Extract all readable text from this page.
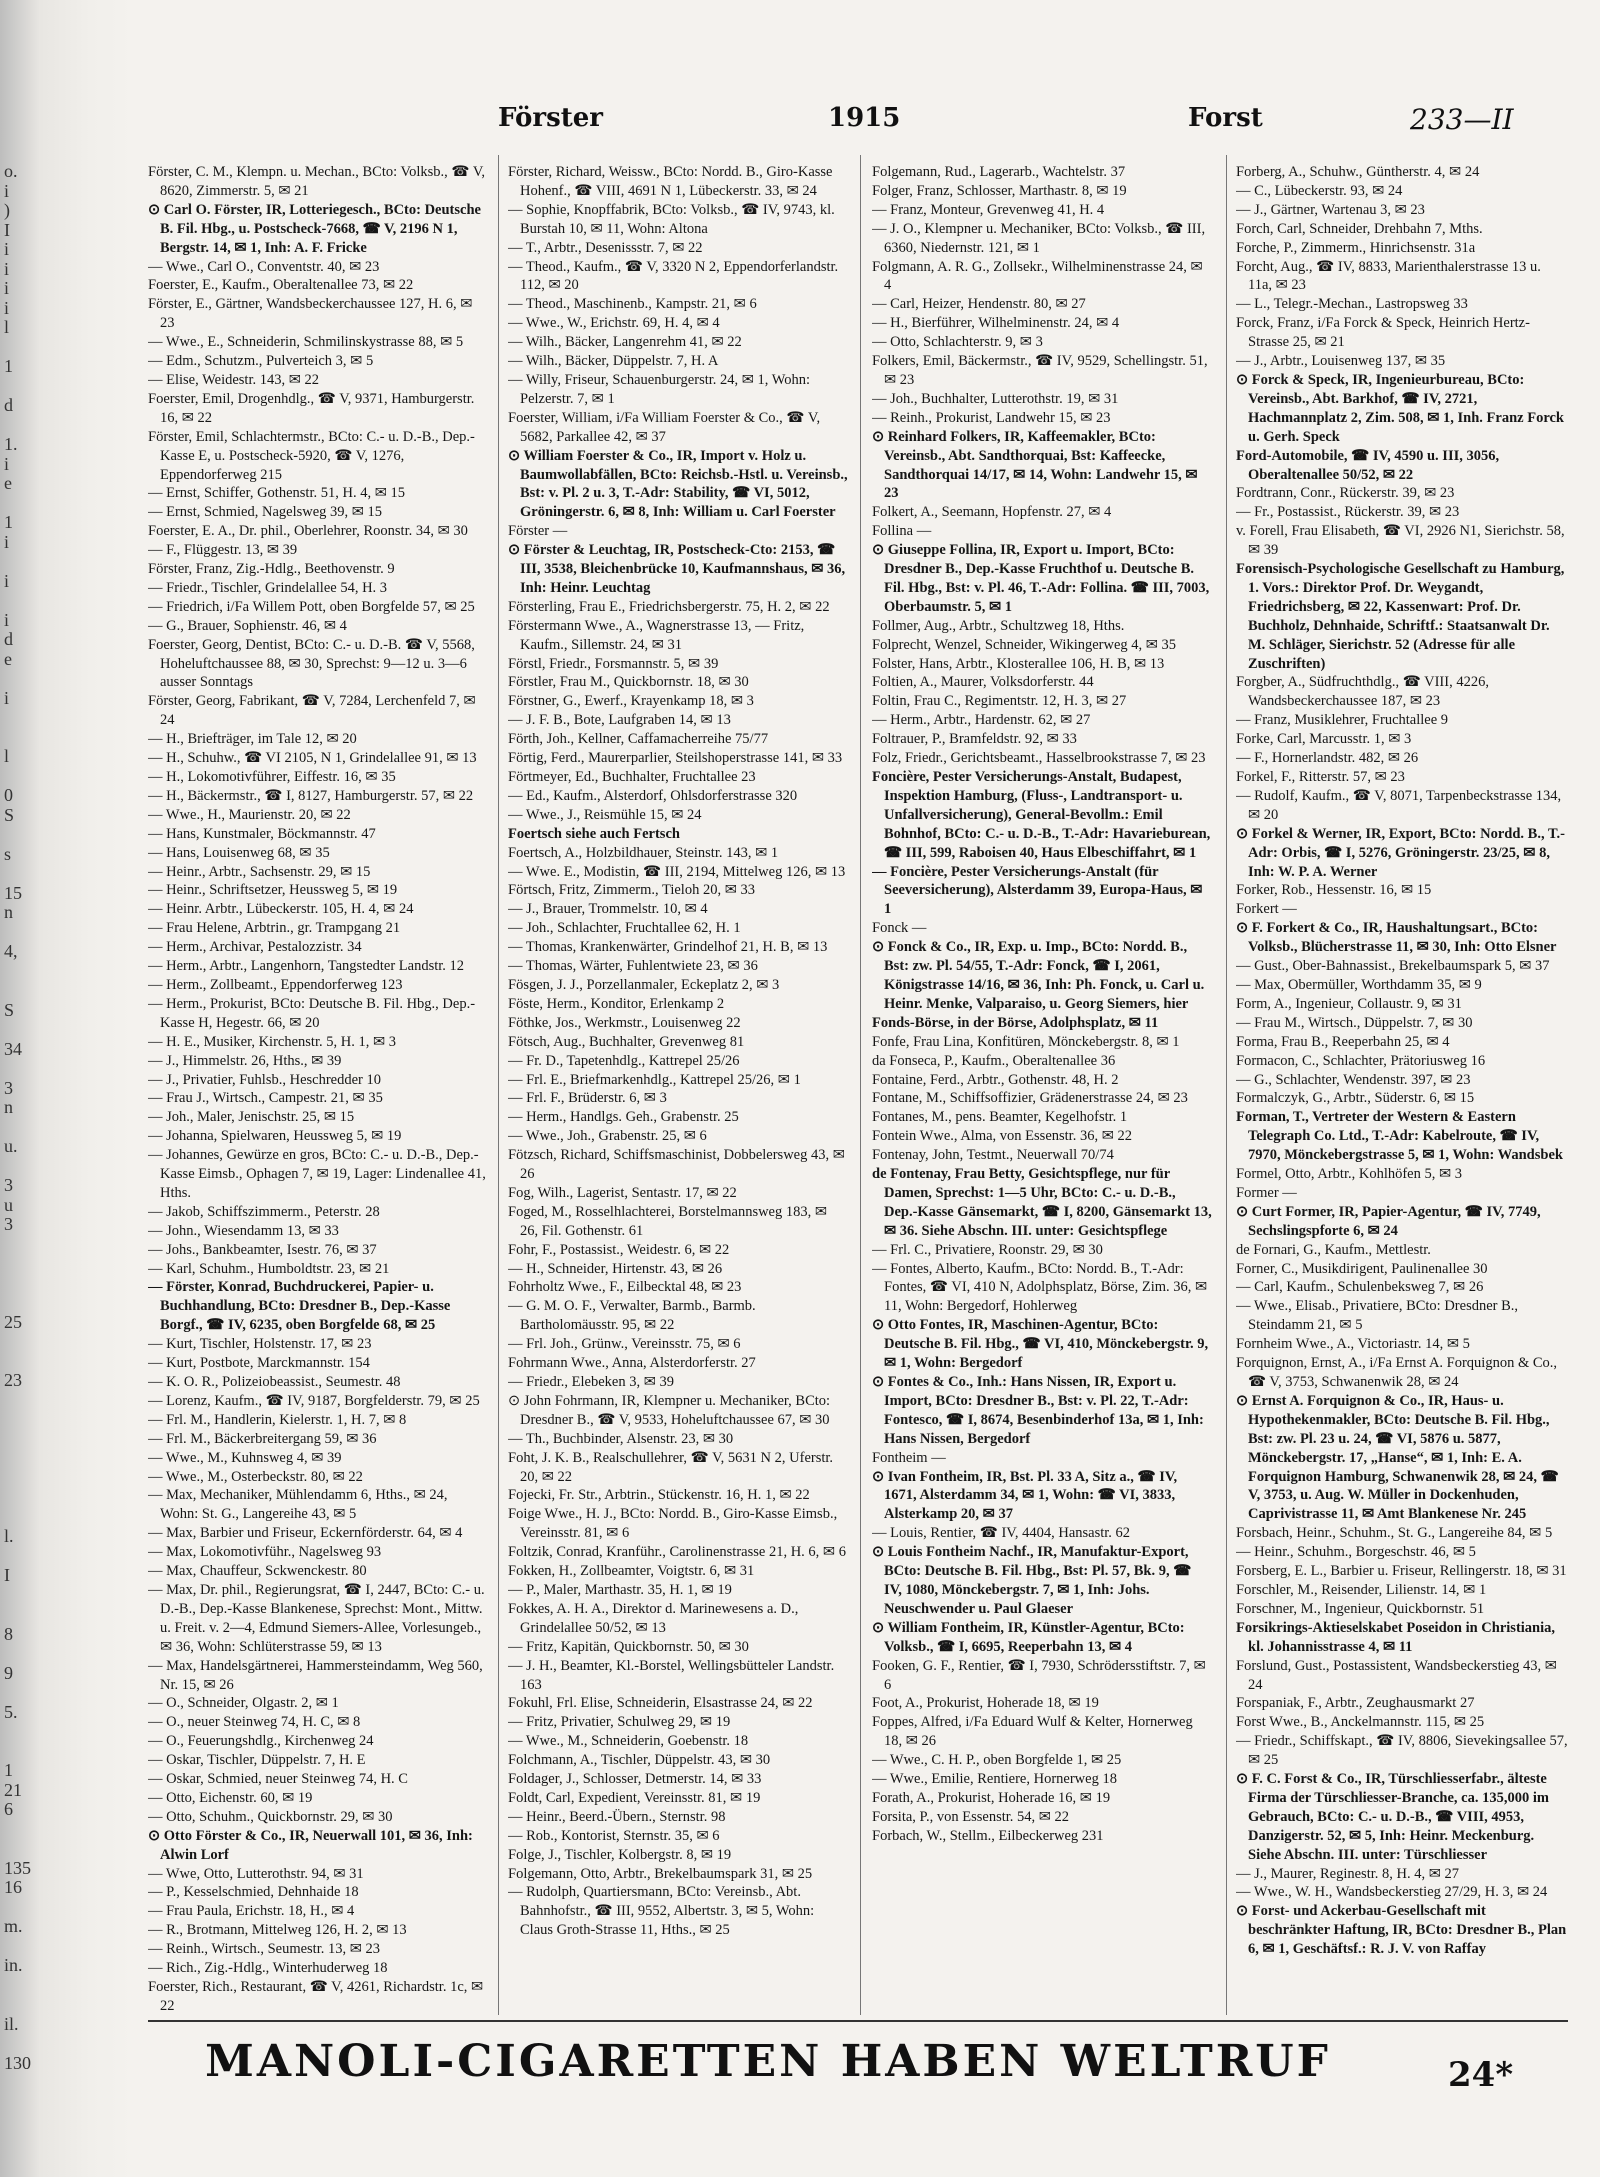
o.
i
)
I
i
i
i
i
l
1
d
1.
i
e
1
i
i
i
d
e
i
l
0
S
s
15
n
4,
S
34
3
n
u.
3
u
3
25
23
l.
I
8
9
5.
1
21
6
135
16
m.
in.
il.
130
Förster	1915	Forst	233—II

Förster, C. M., Klempn. u. Mechan., BCto: Volksb., ☎ V, 8620, Zimmerstr. 5, ✉ 21

⊙ Carl O. Förster, IR, Lotteriegesch., BCto: Deutsche B. Fil. Hbg., u. Postscheck-7668, ☎ V, 2196 N 1, Bergstr. 14, ✉ 1, Inh: A. F. Fricke

— Wwe., Carl O., Conventstr. 40, ✉ 23

Foerster, E., Kaufm., Oberaltenallee 73, ✉ 22

Förster, E., Gärtner, Wandsbeckerchaussee 127, H. 6, ✉ 23

— Wwe., E., Schneiderin, Schmilinskystrasse 88, ✉ 5

— Edm., Schutzm., Pulverteich 3, ✉ 5

— Elise, Weidestr. 143, ✉ 22

Foerster, Emil, Drogenhdlg., ☎ V, 9371, Hamburgerstr. 16, ✉ 22

Förster, Emil, Schlachtermstr., BCto: C.- u. D.-B., Dep.-Kasse E, u. Postscheck-5920, ☎ V, 1276, Eppendorferweg 215

— Ernst, Schiffer, Gothenstr. 51, H. 4, ✉ 15

— Ernst, Schmied, Nagelsweg 39, ✉ 15

Foerster, E. A., Dr. phil., Oberlehrer, Roonstr. 34, ✉ 30

— F., Flüggestr. 13, ✉ 39

Förster, Franz, Zig.-Hdlg., Beethovenstr. 9

— Friedr., Tischler, Grindelallee 54, H. 3

— Friedrich, i/Fa Willem Pott, oben Borgfelde 57, ✉ 25

— G., Brauer, Sophienstr. 46, ✉ 4

Foerster, Georg, Dentist, BCto: C.- u. D.-B. ☎ V, 5568, Hoheluftchaussee 88, ✉ 30, Sprechst: 9—12 u. 3—6 ausser Sonntags

Förster, Georg, Fabrikant, ☎ V, 7284, Lerchenfeld 7, ✉ 24

— H., Briefträger, im Tale 12, ✉ 20

— H., Schuhw., ☎ VI 2105, N 1, Grindelallee 91, ✉ 13

— H., Lokomotivführer, Eiffestr. 16, ✉ 35

— H., Bäckermstr., ☎ I, 8127, Hamburgerstr. 57, ✉ 22

— Wwe., H., Maurienstr. 20, ✉ 22

— Hans, Kunstmaler, Böckmannstr. 47

— Hans, Louisenweg 68, ✉ 35

— Heinr., Arbtr., Sachsenstr. 29, ✉ 15

— Heinr., Schriftsetzer, Heussweg 5, ✉ 19

— Heinr. Arbtr., Lübeckerstr. 105, H. 4, ✉ 24

— Frau Helene, Arbtrin., gr. Trampgang 21

— Herm., Archivar, Pestalozzistr. 34

— Herm., Arbtr., Langenhorn, Tangstedter Landstr. 12

— Herm., Zollbeamt., Eppendorferweg 123

— Herm., Prokurist, BCto: Deutsche B. Fil. Hbg., Dep.-Kasse H, Hegestr. 66, ✉ 20

— H. E., Musiker, Kirchenstr. 5, H. 1, ✉ 3

— J., Himmelstr. 26, Hths., ✉ 39

— J., Privatier, Fuhlsb., Heschredder 10

— Frau J., Wirtsch., Campestr. 21, ✉ 35

— Joh., Maler, Jenischstr. 25, ✉ 15

— Johanna, Spielwaren, Heussweg 5, ✉ 19

— Johannes, Gewürze en gros, BCto: C.- u. D.-B., Dep.-Kasse Eimsb., Ophagen 7, ✉ 19, Lager: Lindenallee 41, Hths.

— Jakob, Schiffszimmerm., Peterstr. 28

— John., Wiesendamm 13, ✉ 33

— Johs., Bankbeamter, Isestr. 76, ✉ 37

— Karl, Schuhm., Humboldtstr. 23, ✉ 21

— Förster, Konrad, Buchdruckerei, Papier- u. Buchhandlung, BCto: Dresdner B., Dep.-Kasse Borgf., ☎ IV, 6235, oben Borgfelde 68, ✉ 25

— Kurt, Tischler, Holstenstr. 17, ✉ 23

— Kurt, Postbote, Marckmannstr. 154

— K. O. R., Polizeiobeassist., Seumestr. 48

— Lorenz, Kaufm., ☎ IV, 9187, Borgfelderstr. 79, ✉ 25

— Frl. M., Handlerin, Kielerstr. 1, H. 7, ✉ 8

— Frl. M., Bäckerbreitergang 59, ✉ 36

— Wwe., M., Kuhnsweg 4, ✉ 39

— Wwe., M., Osterbeckstr. 80, ✉ 22

— Max, Mechaniker, Mühlendamm 6, Hths., ✉ 24, Wohn: St. G., Langereihe 43, ✉ 5

— Max, Barbier und Friseur, Eckernförderstr. 64, ✉ 4

— Max, Lokomotivführ., Nagelsweg 93

— Max, Chauffeur, Sckwenckestr. 80

— Max, Dr. phil., Regierungsrat, ☎ I, 2447, BCto: C.- u. D.-B., Dep.-Kasse Blankenese, Sprechst: Mont., Mittw. u. Freit. v. 2—4, Edmund Siemers-Allee, Vorlesungeb., ✉ 36, Wohn: Schlüterstrasse 59, ✉ 13

— Max, Handelsgärtnerei, Hammersteindamm, Weg 560, Nr. 15, ✉ 26

— O., Schneider, Olgastr. 2, ✉ 1

— O., neuer Steinweg 74, H. C, ✉ 8

— O., Feuerungshdlg., Kirchenweg 24

— Oskar, Tischler, Düppelstr. 7, H. E

— Oskar, Schmied, neuer Steinweg 74, H. C

— Otto, Eichenstr. 60, ✉ 19

— Otto, Schuhm., Quickbornstr. 29, ✉ 30

⊙ Otto Förster & Co., IR, Neuerwall 101, ✉ 36, Inh: Alwin Lorf

— Wwe, Otto, Lutterothstr. 94, ✉ 31

— P., Kesselschmied, Dehnhaide 18

— Frau Paula, Erichstr. 18, H., ✉ 4

— R., Brotmann, Mittelweg 126, H. 2, ✉ 13

— Reinh., Wirtsch., Seumestr. 13, ✉ 23

— Rich., Zig.-Hdlg., Winterhuderweg 18

Foerster, Rich., Restaurant, ☎ V, 4261, Richardstr. 1c, ✉ 22

Förster, Richard, Weissw., BCto: Nordd. B., Giro-Kasse Hohenf., ☎ VIII, 4691 N 1, Lübeckerstr. 33, ✉ 24

— Sophie, Knopffabrik, BCto: Volksb., ☎ IV, 9743, kl. Burstah 10, ✉ 11, Wohn: Altona

— T., Arbtr., Desenissstr. 7, ✉ 22

— Theod., Kaufm., ☎ V, 3320 N 2, Eppendorferlandstr. 112, ✉ 20

— Theod., Maschinenb., Kampstr. 21, ✉ 6

— Wwe., W., Erichstr. 69, H. 4, ✉ 4

— Wilh., Bäcker, Langenrehm 41, ✉ 22

— Wilh., Bäcker, Düppelstr. 7, H. A

— Willy, Friseur, Schauenburgerstr. 24, ✉ 1, Wohn: Pelzerstr. 7, ✉ 1

Foerster, William, i/Fa William Foerster & Co., ☎ V, 5682, Parkallee 42, ✉ 37

⊙ William Foerster & Co., IR, Import v. Holz u. Baumwollabfällen, BCto: Reichsb.-Hstl. u. Vereinsb., Bst: v. Pl. 2 u. 3, T.-Adr: Stability, ☎ VI, 5012, Gröningerstr. 6, ✉ 8, Inh: William u. Carl Foerster

Förster —

⊙ Förster & Leuchtag, IR, Postscheck-Cto: 2153, ☎ III, 3538, Bleichenbrücke 10, Kaufmannshaus, ✉ 36, Inh: Heinr. Leuchtag

Försterling, Frau E., Friedrichsbergerstr. 75, H. 2, ✉ 22

Förstermann Wwe., A., Wagnerstrasse 13, — Fritz, Kaufm., Sillemstr. 24, ✉ 31

Förstl, Friedr., Forsmannstr. 5, ✉ 39

Förstler, Frau M., Quickbornstr. 18, ✉ 30

Förstner, G., Ewerf., Krayenkamp 18, ✉ 3

— J. F. B., Bote, Laufgraben 14, ✉ 13

Förth, Joh., Kellner, Caffamacherreihe 75/77

Förtig, Ferd., Maurerparlier, Steilshoperstrasse 141, ✉ 33

Förtmeyer, Ed., Buchhalter, Fruchtallee 23

— Ed., Kaufm., Alsterdorf, Ohlsdorferstrasse 320

— Wwe., J., Reismühle 15, ✉ 24

Foertsch siehe auch Fertsch

Foertsch, A., Holzbildhauer, Steinstr. 143, ✉ 1

— Wwe. E., Modistin, ☎ III, 2194, Mittelweg 126, ✉ 13

Förtsch, Fritz, Zimmerm., Tieloh 20, ✉ 33

— J., Brauer, Trommelstr. 10, ✉ 4

— Joh., Schlachter, Fruchtallee 62, H. 1

— Thomas, Krankenwärter, Grindelhof 21, H. B, ✉ 13

— Thomas, Wärter, Fuhlentwiete 23, ✉ 36

Fösgen, J. J., Porzellanmaler, Eckeplatz 2, ✉ 3

Föste, Herm., Konditor, Erlenkamp 2

Föthke, Jos., Werkmstr., Louisenweg 22

Fötsch, Aug., Buchhalter, Grevenweg 81

— Fr. D., Tapetenhdlg., Kattrepel 25/26

— Frl. E., Briefmarkenhdlg., Kattrepel 25/26, ✉ 1

— Frl. F., Brüderstr. 6, ✉ 3

— Herm., Handlgs. Geh., Grabenstr. 25

— Wwe., Joh., Grabenstr. 25, ✉ 6

Fötzsch, Richard, Schiffsmaschinist, Dobbelersweg 43, ✉ 26

Fog, Wilh., Lagerist, Sentastr. 17, ✉ 22

Foged, M., Rosselhlachterei, Borstelmannsweg 183, ✉ 26, Fil. Gothenstr. 61

Fohr, F., Postassist., Weidestr. 6, ✉ 22

— H., Schneider, Hirtenstr. 43, ✉ 26

Fohrholtz Wwe., F., Eilbecktal 48, ✉ 23

— G. M. O. F., Verwalter, Barmb., Barmb. Bartholomäusstr. 95, ✉ 22

— Frl. Joh., Grünw., Vereinsstr. 75, ✉ 6

Fohrmann Wwe., Anna, Alsterdorferstr. 27

— Friedr., Elebeken 3, ✉ 39

⊙ John Fohrmann, IR, Klempner u. Mechaniker, BCto: Dresdner B., ☎ V, 9533, Hoheluftchaussee 67, ✉ 30

— Th., Buchbinder, Alsenstr. 23, ✉ 30

Foht, J. K. B., Realschullehrer, ☎ V, 5631 N 2, Uferstr. 20, ✉ 22

Fojecki, Fr. Str., Arbtrin., Stückenstr. 16, H. 1, ✉ 22

Foige Wwe., H. J., BCto: Nordd. B., Giro-Kasse Eimsb., Vereinsstr. 81, ✉ 6

Foltzik, Conrad, Kranführ., Carolinenstrasse 21, H. 6, ✉ 6

Fokken, H., Zollbeamter, Voigtstr. 6, ✉ 31

— P., Maler, Marthastr. 35, H. 1, ✉ 19

Fokkes, A. H. A., Direktor d. Marinewesens a. D., Grindelallee 50/52, ✉ 13

— Fritz, Kapitän, Quickbornstr. 50, ✉ 30

— J. H., Beamter, Kl.-Borstel, Wellingsbütteler Landstr. 163

Fokuhl, Frl. Elise, Schneiderin, Elsastrasse 24, ✉ 22

— Fritz, Privatier, Schulweg 29, ✉ 19

— Wwe., M., Schneiderin, Goebenstr. 18

Folchmann, A., Tischler, Düppelstr. 43, ✉ 30

Foldager, J., Schlosser, Detmerstr. 14, ✉ 33

Foldt, Carl, Expedient, Vereinsstr. 81, ✉ 19

— Heinr., Beerd.-Übern., Sternstr. 98

— Rob., Kontorist, Sternstr. 35, ✉ 6

Folge, J., Tischler, Kolbergstr. 8, ✉ 19

Folgemann, Otto, Arbtr., Brekelbaumspark 31, ✉ 25

— Rudolph, Quartiersmann, BCto: Vereinsb., Abt. Bahnhofstr., ☎ III, 9552, Albertstr. 3, ✉ 5, Wohn: Claus Groth-Strasse 11, Hths., ✉ 25

Folgemann, Rud., Lagerarb., Wachtelstr. 37

Folger, Franz, Schlosser, Marthastr. 8, ✉ 19

— Franz, Monteur, Grevenweg 41, H. 4

— J. O., Klempner u. Mechaniker, BCto: Volksb., ☎ III, 6360, Niedernstr. 121, ✉ 1

Folgmann, A. R. G., Zollsekr., Wilhelminenstrasse 24, ✉ 4

— Carl, Heizer, Hendenstr. 80, ✉ 27

— H., Bierführer, Wilhelminenstr. 24, ✉ 4

— Otto, Schlachterstr. 9, ✉ 3

Folkers, Emil, Bäckermstr., ☎ IV, 9529, Schellingstr. 51, ✉ 23

— Joh., Buchhalter, Lutterothstr. 19, ✉ 31

— Reinh., Prokurist, Landwehr 15, ✉ 23

⊙ Reinhard Folkers, IR, Kaffeemakler, BCto: Vereinsb., Abt. Sandthorquai, Bst: Kaffeecke, Sandthorquai 14/17, ✉ 14, Wohn: Landwehr 15, ✉ 23

Folkert, A., Seemann, Hopfenstr. 27, ✉ 4

Follina —

⊙ Giuseppe Follina, IR, Export u. Import, BCto: Dresdner B., Dep.-Kasse Fruchthof u. Deutsche B. Fil. Hbg., Bst: v. Pl. 46, T.-Adr: Follina. ☎ III, 7003, Oberbaumstr. 5, ✉ 1

Follmer, Aug., Arbtr., Schultzweg 18, Hths.

Folprecht, Wenzel, Schneider, Wikingerweg 4, ✉ 35

Folster, Hans, Arbtr., Klosterallee 106, H. B, ✉ 13

Foltien, A., Maurer, Volksdorferstr. 44

Foltin, Frau C., Regimentstr. 12, H. 3, ✉ 27

— Herm., Arbtr., Hardenstr. 62, ✉ 27

Foltrauer, P., Bramfeldstr. 92, ✉ 33

Folz, Friedr., Gerichtsbeamt., Hasselbrookstrasse 7, ✉ 23

Foncière, Pester Versicherungs-Anstalt, Budapest, Inspektion Hamburg, (Fluss-, Landtransport- u. Unfallversicherung), General-Bevollm.: Emil Bohnhof, BCto: C.- u. D.-B., T.-Adr: Havarieburean, ☎ III, 599, Raboisen 40, Haus Elbeschiffahrt, ✉ 1

— Foncière, Pester Versicherungs-Anstalt (für Seeversicherung), Alsterdamm 39, Europa-Haus, ✉ 1

Fonck —

⊙ Fonck & Co., IR, Exp. u. Imp., BCto: Nordd. B., Bst: zw. Pl. 54/55, T.-Adr: Fonck, ☎ I, 2061, Königstrasse 14/16, ✉ 36, Inh: Ph. Fonck, u. Carl u. Heinr. Menke, Valparaiso, u. Georg Siemers, hier

Fonds-Börse, in der Börse, Adolphsplatz, ✉ 11

Fonfe, Frau Lina, Konfitüren, Mönckebergstr. 8, ✉ 1

da Fonseca, P., Kaufm., Oberaltenallee 36

Fontaine, Ferd., Arbtr., Gothenstr. 48, H. 2

Fontane, M., Schiffsoffizier, Grädenerstrasse 24, ✉ 23

Fontanes, M., pens. Beamter, Kegelhofstr. 1

Fontein Wwe., Alma, von Essenstr. 36, ✉ 22

Fontenay, John, Testmt., Neuerwall 70/74

de Fontenay, Frau Betty, Gesichtspflege, nur für Damen, Sprechst: 1—5 Uhr, BCto: C.- u. D.-B., Dep.-Kasse Gänsemarkt, ☎ I, 8200, Gänsemarkt 13, ✉ 36. Siehe Abschn. III. unter: Gesichtspflege

— Frl. C., Privatiere, Roonstr. 29, ✉ 30

— Fontes, Alberto, Kaufm., BCto: Nordd. B., T.-Adr: Fontes, ☎ VI, 410 N, Adolphsplatz, Börse, Zim. 36, ✉ 11, Wohn: Bergedorf, Hohlerweg

⊙ Otto Fontes, IR, Maschinen-Agentur, BCto: Deutsche B. Fil. Hbg., ☎ VI, 410, Mönckebergstr. 9, ✉ 1, Wohn: Bergedorf

⊙ Fontes & Co., Inh.: Hans Nissen, IR, Export u. Import, BCto: Dresdner B., Bst: v. Pl. 22, T.-Adr: Fontesco, ☎ I, 8674, Besenbinderhof 13a, ✉ 1, Inh: Hans Nissen, Bergedorf

Fontheim —

⊙ Ivan Fontheim, IR, Bst. Pl. 33 A, Sitz a., ☎ IV, 1671, Alsterdamm 34, ✉ 1, Wohn: ☎ VI, 3833, Alsterkamp 20, ✉ 37

— Louis, Rentier, ☎ IV, 4404, Hansastr. 62

⊙ Louis Fontheim Nachf., IR, Manufaktur-Export, BCto: Deutsche B. Fil. Hbg., Bst: Pl. 57, Bk. 9, ☎ IV, 1080, Mönckebergstr. 7, ✉ 1, Inh: Johs. Neuschwender u. Paul Glaeser

⊙ William Fontheim, IR, Künstler-Agentur, BCto: Volksb., ☎ I, 6695, Reeperbahn 13, ✉ 4

Fooken, G. F., Rentier, ☎ I, 7930, Schrödersstiftstr. 7, ✉ 6

Foot, A., Prokurist, Hoherade 18, ✉ 19

Foppes, Alfred, i/Fa Eduard Wulf & Kelter, Hornerweg 18, ✉ 26

— Wwe., C. H. P., oben Borgfelde 1, ✉ 25

— Wwe., Emilie, Rentiere, Hornerweg 18

Forath, A., Prokurist, Hoherade 16, ✉ 19

Forsita, P., von Essenstr. 54, ✉ 22

Forbach, W., Stellm., Eilbeckerweg 231

Forberg, A., Schuhw., Güntherstr. 4, ✉ 24

— C., Lübeckerstr. 93, ✉ 24

— J., Gärtner, Wartenau 3, ✉ 23

Forch, Carl, Schneider, Drehbahn 7, Mths.

Forche, P., Zimmerm., Hinrichsenstr. 31a

Forcht, Aug., ☎ IV, 8833, Marienthalerstrasse 13 u. 11a, ✉ 23

— L., Telegr.-Mechan., Lastropsweg 33

Forck, Franz, i/Fa Forck & Speck, Heinrich Hertz-Strasse 25, ✉ 21

— J., Arbtr., Louisenweg 137, ✉ 35

⊙ Forck & Speck, IR, Ingenieurbureau, BCto: Vereinsb., Abt. Barkhof, ☎ IV, 2721, Hachmannplatz 2, Zim. 508, ✉ 1, Inh. Franz Forck u. Gerh. Speck

Ford-Automobile, ☎ IV, 4590 u. III, 3056, Oberaltenallee 50/52, ✉ 22

Fordtrann, Conr., Rückerstr. 39, ✉ 23

— Fr., Postassist., Rückerstr. 39, ✉ 23

v. Forell, Frau Elisabeth, ☎ VI, 2926 N1, Sierichstr. 58, ✉ 39

Forensisch-Psychologische Gesellschaft zu Hamburg, 1. Vors.: Direktor Prof. Dr. Weygandt, Friedrichsberg, ✉ 22, Kassenwart: Prof. Dr. Buchholz, Dehnhaide, Schriftf.: Staatsanwalt Dr. M. Schläger, Sierichstr. 52 (Adresse für alle Zuschriften)

Forgber, A., Südfruchthdlg., ☎ VIII, 4226, Wandsbeckerchaussee 187, ✉ 23

— Franz, Musiklehrer, Fruchtallee 9

Forke, Carl, Marcusstr. 1, ✉ 3

— F., Hornerlandstr. 482, ✉ 26

Forkel, F., Ritterstr. 57, ✉ 23

— Rudolf, Kaufm., ☎ V, 8071, Tarpenbeckstrasse 134, ✉ 20

⊙ Forkel & Werner, IR, Export, BCto: Nordd. B., T.-Adr: Orbis, ☎ I, 5276, Gröningerstr. 23/25, ✉ 8, Inh: W. P. A. Werner

Forker, Rob., Hessenstr. 16, ✉ 15

Forkert —

⊙ F. Forkert & Co., IR, Haushaltungsart., BCto: Volksb., Blücherstrasse 11, ✉ 30, Inh: Otto Elsner

— Gust., Ober-Bahnassist., Brekelbaumspark 5, ✉ 37

— Max, Obermüller, Worthdamm 35, ✉ 9

Form, A., Ingenieur, Collaustr. 9, ✉ 31

— Frau M., Wirtsch., Düppelstr. 7, ✉ 30

Forma, Frau B., Reeperbahn 25, ✉ 4

Formacon, C., Schlachter, Prätoriusweg 16

— G., Schlachter, Wendenstr. 397, ✉ 23

Formalczyk, G., Arbtr., Süderstr. 6, ✉ 15

Forman, T., Vertreter der Western & Eastern Telegraph Co. Ltd., T.-Adr: Kabelroute, ☎ IV, 7970, Mönckebergstrasse 5, ✉ 1, Wohn: Wandsbek

Formel, Otto, Arbtr., Kohlhöfen 5, ✉ 3

Former —

⊙ Curt Former, IR, Papier-Agentur, ☎ IV, 7749, Sechslingspforte 6, ✉ 24

de Fornari, G., Kaufm., Mettlestr.

Forner, C., Musikdirigent, Paulinenallee 30

— Carl, Kaufm., Schulenbeksweg 7, ✉ 26

— Wwe., Elisab., Privatiere, BCto: Dresdner B., Steindamm 21, ✉ 5

Fornheim Wwe., A., Victoriastr. 14, ✉ 5

Forquignon, Ernst, A., i/Fa Ernst A. Forquignon & Co., ☎ V, 3753, Schwanenwik 28, ✉ 24

⊙ Ernst A. Forquignon & Co., IR, Haus- u. Hypothekenmakler, BCto: Deutsche B. Fil. Hbg., Bst: zw. Pl. 23 u. 24, ☎ VI, 5876 u. 5877, Mönckebergstr. 17, „Hanse“, ✉ 1, Inh: E. A. Forquignon Hamburg, Schwanenwik 28, ✉ 24, ☎ V, 3753, u. Aug. W. Müller in Dockenhuden, Caprivistrasse 11, ✉ Amt Blankenese Nr. 245

Forsbach, Heinr., Schuhm., St. G., Langereihe 84, ✉ 5

— Heinr., Schuhm., Borgeschstr. 46, ✉ 5

Forsberg, E. L., Barbier u. Friseur, Rellingerstr. 18, ✉ 31

Forschler, M., Reisender, Lilienstr. 14, ✉ 1

Forschner, M., Ingenieur, Quickbornstr. 51

Forsikrings-Aktieselskabet Poseidon in Christiania, kl. Johannisstrasse 4, ✉ 11

Forslund, Gust., Postassistent, Wandsbeckerstieg 43, ✉ 24

Forspaniak, F., Arbtr., Zeughausmarkt 27

Forst Wwe., B., Anckelmannstr. 115, ✉ 25

— Friedr., Schiffskapt., ☎ IV, 8806, Sievekingsallee 57, ✉ 25

⊙ F. C. Forst & Co., IR, Türschliesserfabr., älteste Firma der Türschliesser-Branche, ca. 135,000 im Gebrauch, BCto: C.- u. D.-B., ☎ VIII, 4953, Danzigerstr. 52, ✉ 5, Inh: Heinr. Meckenburg. Siehe Abschn. III. unter: Türschliesser

— J., Maurer, Reginestr. 8, H. 4, ✉ 27

— Wwe., W. H., Wandsbeckerstieg 27/29, H. 3, ✉ 24

⊙ Forst- und Ackerbau-Gesellschaft mit beschränkter Haftung, IR, BCto: Dresdner B., Plan 6, ✉ 1, Geschäftsf.: R. J. V. von Raffay

MANOLI-CIGARETTEN HABEN WELTRUF	24*
